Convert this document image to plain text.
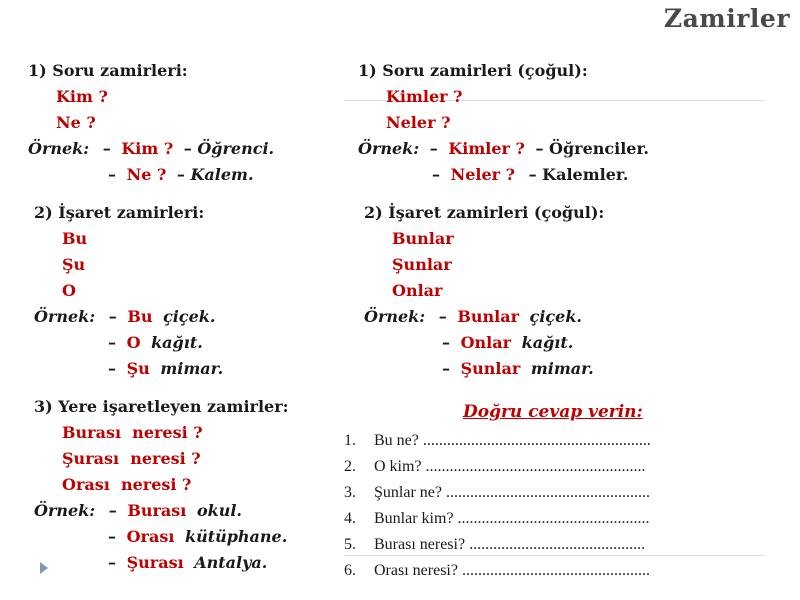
Zamirler
1) Soru zamirleri:
Kim ?
Ne ?
Örnek: – Kim ? – Öğrenci.
– Ne ? – Kalem.
1) Soru zamirleri (çoğul):
Kimler ?
Neler ?
Örnek: – Kimler ? – Öğrenciler.
– Neler ? – Kalemler.
2) İşaret zamirleri:
Bu
Şu
O
Örnek: – Bu çiçek.
– O kağıt.
– Şu mimar.
2) İşaret zamirleri (çoğul):
Bunlar
Şunlar
Onlar
Örnek: – Bunlar çiçek.
– Onlar kağıt.
– Şunlar mimar.
3) Yere işaretleyen zamirler:
Burası  neresi ?
Şurası  neresi ?
Orası  neresi ?
Örnek: – Burası okul.
– Orası kütüphane.
– Şurası Antalya.
Doğru cevap verin:
1. Bu ne? .........................................................
2. O kim? .......................................................
3. Şunlar ne? ...................................................
4. Bunlar kim? ................................................
5. Burası neresi? ............................................
6. Orası neresi? ...............................................
